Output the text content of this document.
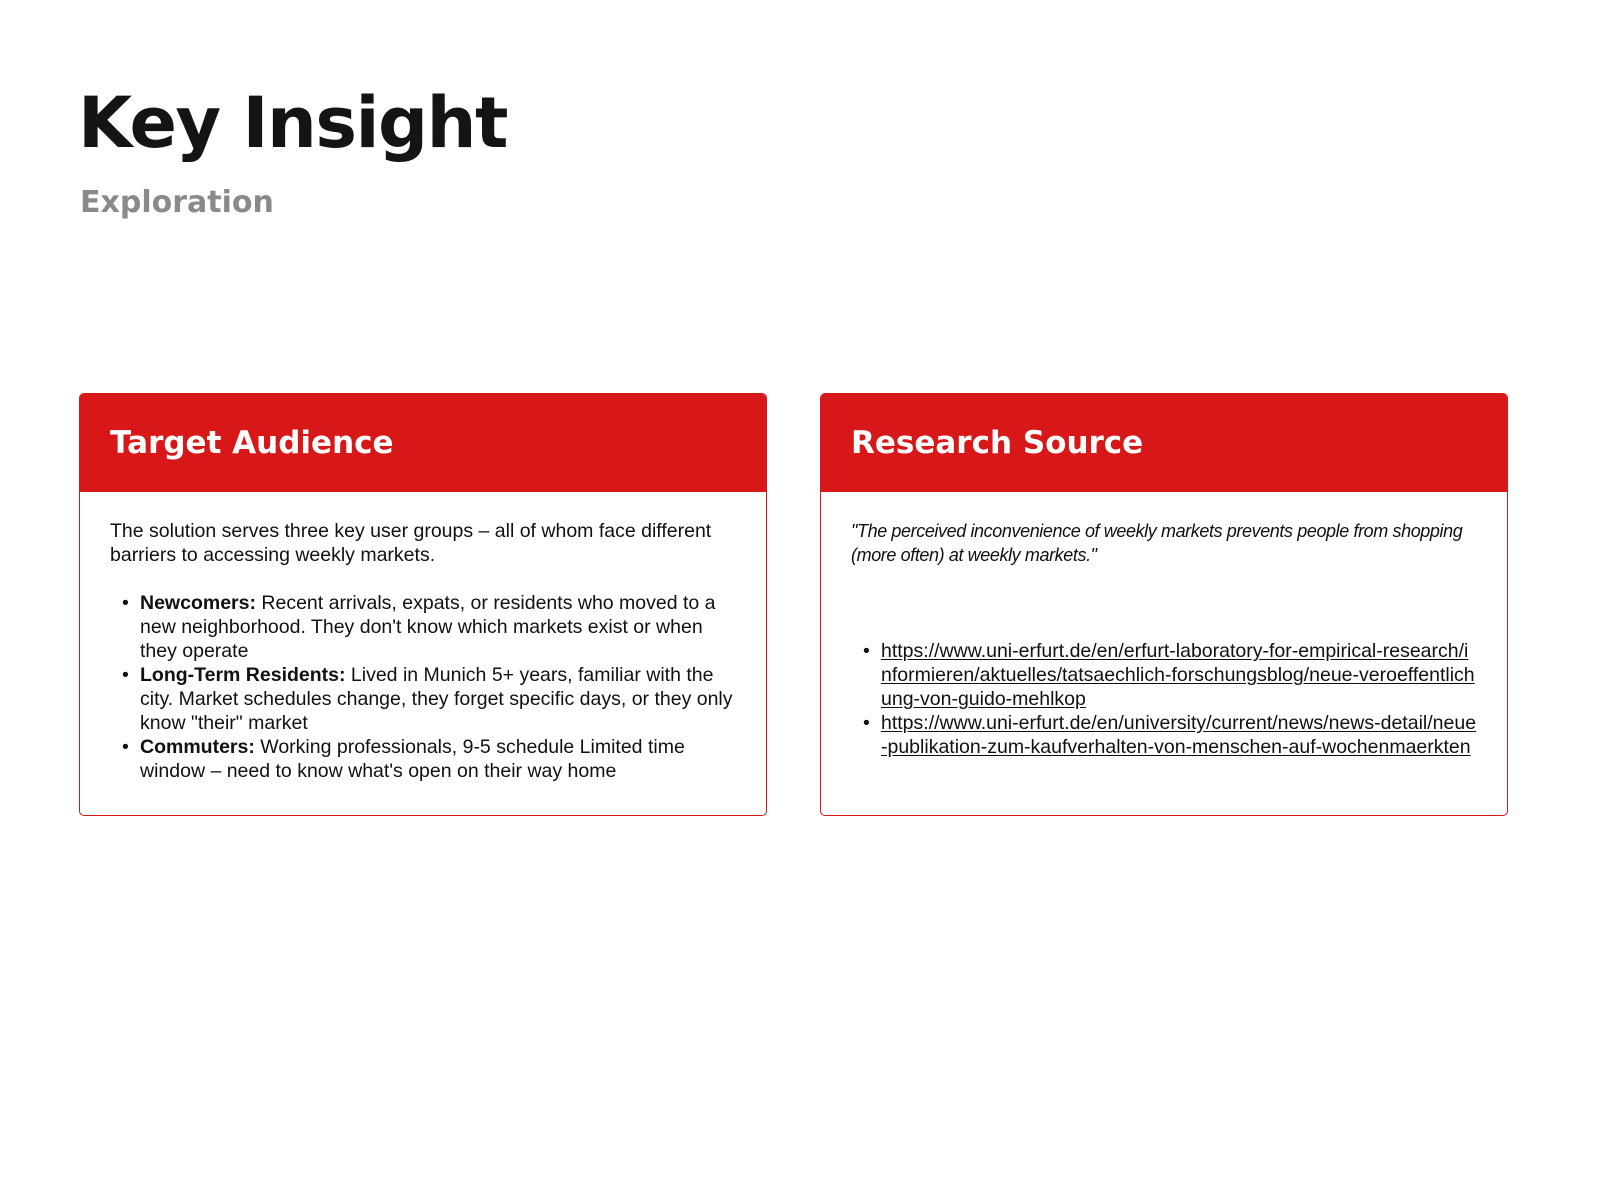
Key Insight
Exploration
Target Audience

The solution serves three key user groups – all of whom face different barriers to accessing weekly markets.

• Newcomers: Recent arrivals, expats, or residents who moved to a new neighborhood. They don't know which markets exist or when they operate
• Long-Term Residents: Lived in Munich 5+ years, familiar with the city. Market schedules change, they forget specific days, or they only know "their" market
• Commuters: Working professionals, 9-5 schedule Limited time window – need to know what's open on their way home
Research Source

"The perceived inconvenience of weekly markets prevents people from shopping (more often) at weekly markets."

• https://www.uni-erfurt.de/en/erfurt-laboratory-for-empirical-research/informieren/aktuelles/tatsaechlich-forschungsblog/neue-veroeffentlichung-von-guido-mehlkop
• https://www.uni-erfurt.de/en/university/current/news/news-detail/neue-publikation-zum-kaufverhalten-von-menschen-auf-wochenmaerkten
